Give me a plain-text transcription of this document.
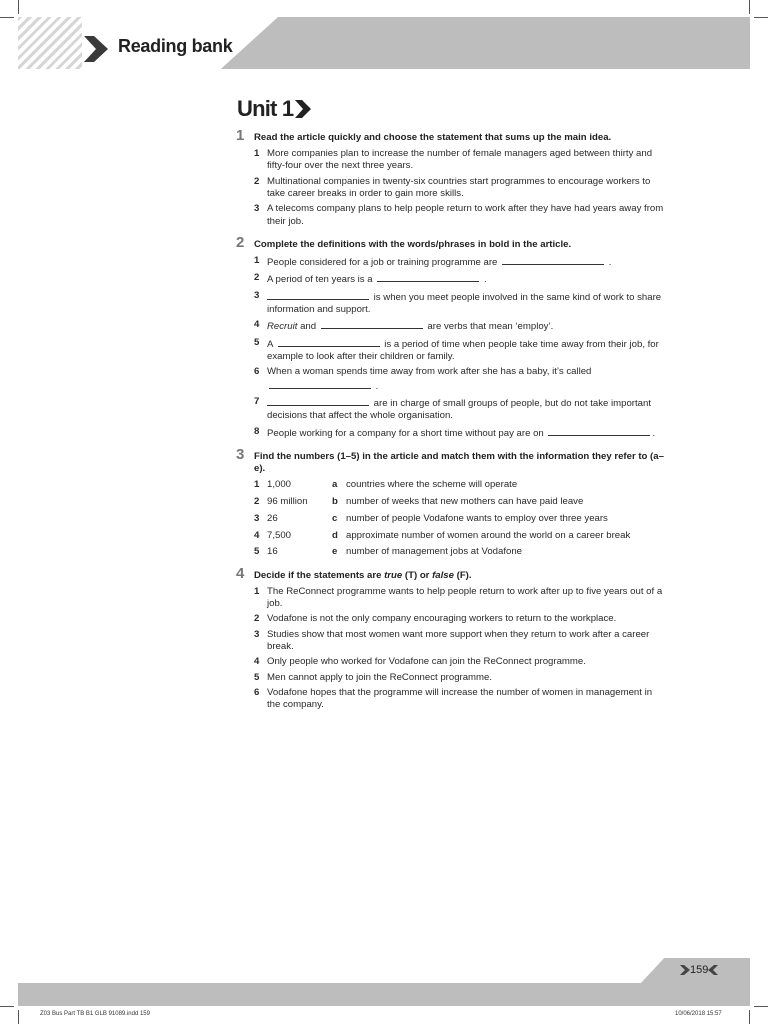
Reading bank
Unit 1
1	Read the article quickly and choose the statement that sums up the main idea.
1 More companies plan to increase the number of female managers aged between thirty and fifty-four over the next three years.
2 Multinational companies in twenty-six countries start programmes to encourage workers to take career breaks in order to gain more skills.
3 A telecoms company plans to help people return to work after they have had years away from their job.
2	Complete the definitions with the words/phrases in bold in the article.
1 People considered for a job or training programme are	.
2 A period of ten years is a	.
3	is when you meet people involved in the same kind of work to share information and support.
4 Recruit and	are verbs that mean ‘employ’.
5 A	is a period of time when people take time away from their job, for example to look after their children or family.
6 When a woman spends time away from work after she has a baby, it’s called  .
7	are in charge of small groups of people, but do not take important decisions that affect the whole organisation.
8 People working for a company for a short time without pay are on	.
3	Find the numbers (1–5) in the article and match them with the information they refer to (a–e).
1 1,000	a countries where the scheme will operate
2 96 million	b number of weeks that new mothers can have paid leave
3 26	c number of people Vodafone wants to employ over three years
4 7,500	d approximate number of women around the world on a career break
5 16	e number of management jobs at Vodafone
4	Decide if the statements are true (T) or false (F).
1 The ReConnect programme wants to help people return to work after up to five years out of a job.
2 Vodafone is not the only company encouraging workers to return to the workplace.
3 Studies show that most women want more support when they return to work after a career break.
4 Only people who worked for Vodafone can join the ReConnect programme.
5 Men cannot apply to join the ReConnect programme.
6 Vodafone hopes that the programme will increase the number of women in management in the company.
159
Z03 Bus Part TB B1 GLB 91089.indd 159	10/06/2018 15:57
